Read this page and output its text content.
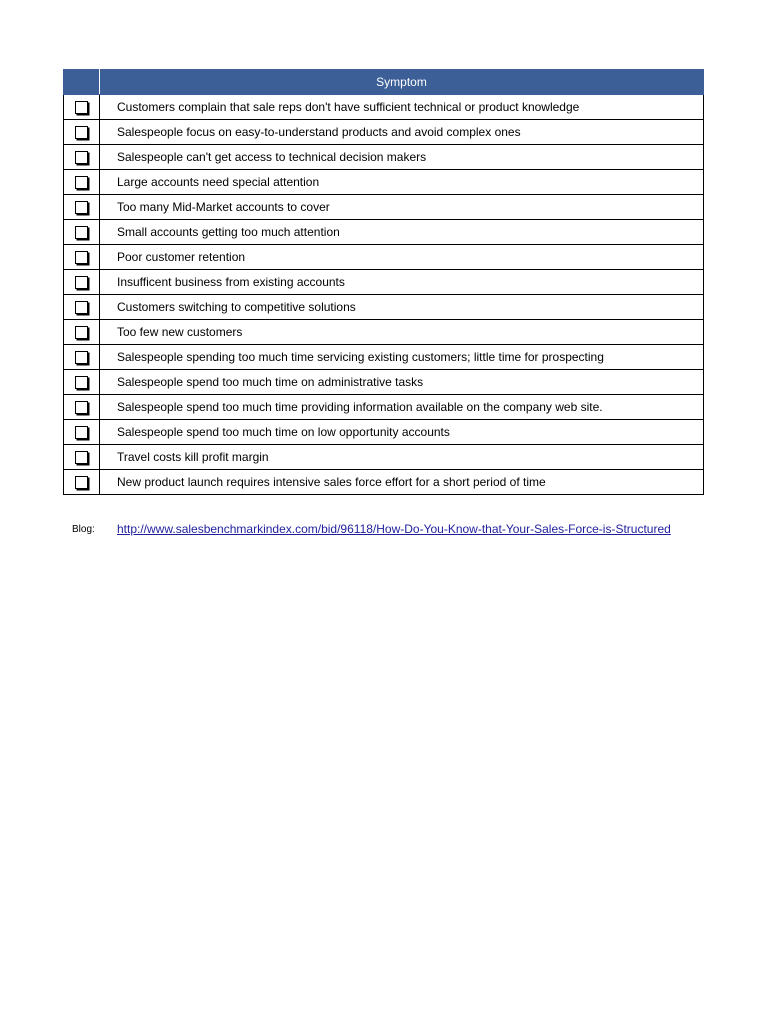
	Symptom
	Customers complain that sale reps don't have sufficient technical or product knowledge
	Salespeople focus on easy-to-understand products and avoid complex ones
	Salespeople can't get access to technical decision makers
	Large accounts need special attention
	Too many Mid-Market accounts to cover
	Small accounts getting too much attention
	Poor customer retention
	Insufficent business from existing accounts
	Customers switching to competitive solutions
	Too few new customers
	Salespeople spending too much time servicing existing customers; little time for prospecting
	Salespeople spend too much time on administrative tasks
	Salespeople spend too much time providing information available on the company web site.
	Salespeople spend too much time on low opportunity accounts
	Travel costs kill profit margin
	New product launch requires intensive sales force effort for a short period of time
Blog: http://www.salesbenchmarkindex.com/bid/96118/How-Do-You-Know-that-Your-Sales-Force-is-Structured
